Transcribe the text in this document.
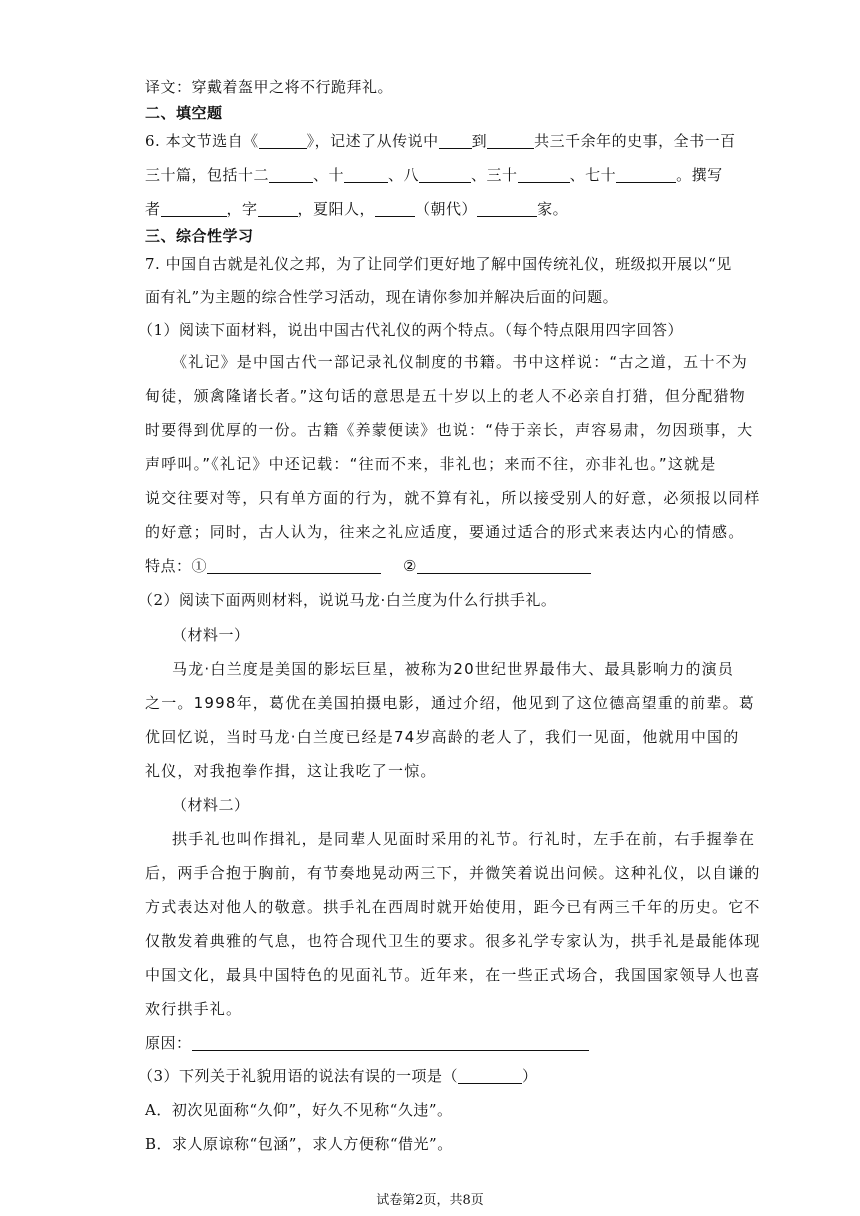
译文：穿戴着盔甲之将不行跪拜礼。
二、填空题
6. 本文节选自《	》，记述了从传说中 到	共三千余年的史事，全书一百
三十篇，包括十二	、十	、八	、三十	、七十	。撰写
者	，字	，夏阳人，	（朝代）	家。
三、综合性学习
7. 中国自古就是礼仪之邦，为了让同学们更好地了解中国传统礼仪，班级拟开展以“见
面有礼”为主题的综合性学习活动，现在请你参加并解决后面的问题。
（1）阅读下面材料，说出中国古代礼仪的两个特点。（每个特点限用四字回答）
《礼记》是中国古代一部记录礼仪制度的书籍。书中这样说：“古之道，五十不为
甸徒，颁禽隆诸长者。”这句话的意思是五十岁以上的老人不必亲自打猎，但分配猎物
时要得到优厚的一份。古籍《养蒙便读》也说：“侍于亲长，声容易肃，勿因琐事，大
声呼叫。”《礼记》中还记载：“往而不来，非礼也；来而不往，亦非礼也。”这就是
说交往要对等，只有单方面的行为，就不算有礼，所以接受别人的好意，必须报以同样
的好意；同时，古人认为，往来之礼应适度，要通过适合的形式来表达内心的情感。
特点：①	②
（2）阅读下面两则材料，说说马龙·白兰度为什么行拱手礼。
（材料一）
马龙·白兰度是美国的影坛巨星，被称为20世纪世界最伟大、最具影响力的演员
之一。1998年，葛优在美国拍摄电影，通过介绍，他见到了这位德高望重的前辈。葛
优回忆说，当时马龙·白兰度已经是74岁高龄的老人了，我们一见面，他就用中国的
礼仪，对我抱拳作揖，这让我吃了一惊。
（材料二）
拱手礼也叫作揖礼，是同辈人见面时采用的礼节。行礼时，左手在前，右手握拳在
后，两手合抱于胸前，有节奏地晃动两三下，并微笑着说出问候。这种礼仪，以自谦的
方式表达对他人的敬意。拱手礼在西周时就开始使用，距今已有两三千年的历史。它不
仅散发着典雅的气息，也符合现代卫生的要求。很多礼学专家认为，拱手礼是最能体现
中国文化，最具中国特色的见面礼节。近年来，在一些正式场合，我国国家领导人也喜
欢行拱手礼。
原因：
（3）下列关于礼貌用语的说法有误的一项是（	）
A．初次见面称“久仰”，好久不见称“久违”。
B．求人原谅称“包涵”，求人方便称“借光”。
试卷第2页，共8页
